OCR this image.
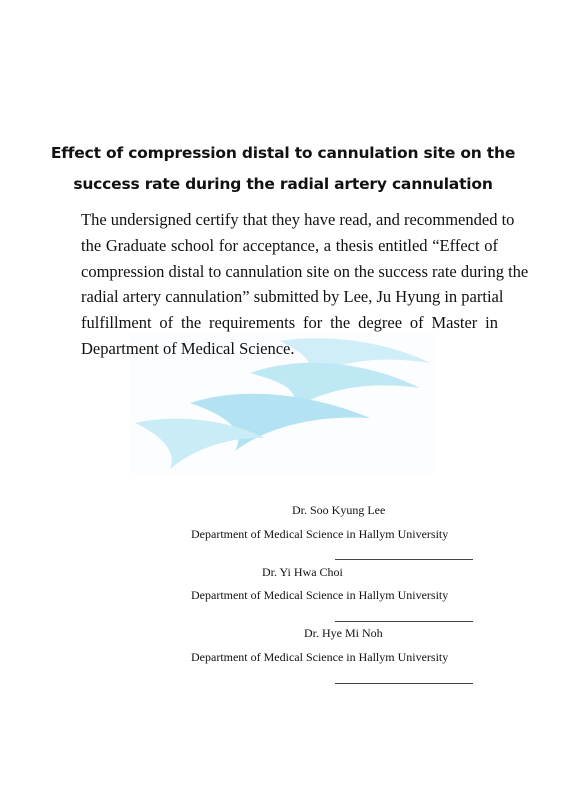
Effect of compression distal to cannulation site on the
success rate during the radial artery cannulation

The undersigned certify that they have read, and recommended to
the Graduate school for acceptance, a thesis entitled “Effect of
compression distal to cannulation site on the success rate during the
radial artery cannulation” submitted by Lee, Ju Hyung in partial
fulfillment of the requirements for the degree of Master in
Department of Medical Science.

Dr. Soo Kyung Lee

Department of Medical Science in Hallym University

Dr. Yi Hwa Choi

Department of Medical Science in Hallym University

Dr. Hye Mi Noh

Department of Medical Science in Hallym University
